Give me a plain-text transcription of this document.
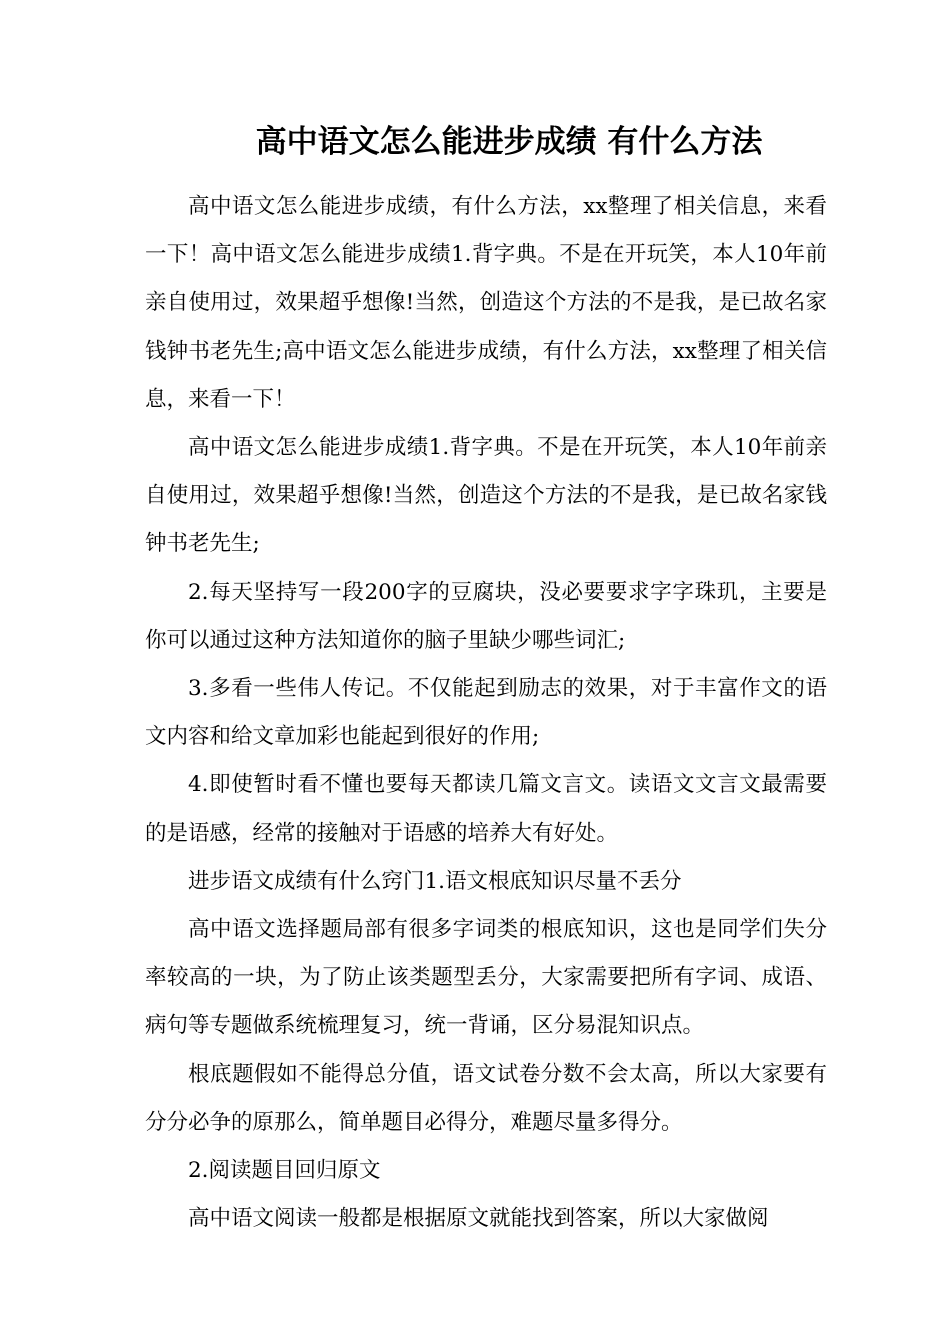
高中语文怎么能进步成绩 有什么方法

高中语文怎么能进步成绩，有什么方法，xx整理了相关信息，来看一下！高中语文怎么能进步成绩1.背字典。不是在开玩笑，本人10年前亲自使用过，效果超乎想像!当然，创造这个方法的不是我，是已故名家钱钟书老先生;高中语文怎么能进步成绩，有什么方法，xx整理了相关信息，来看一下！

高中语文怎么能进步成绩1.背字典。不是在开玩笑，本人10年前亲自使用过，效果超乎想像!当然，创造这个方法的不是我，是已故名家钱钟书老先生;

2.每天坚持写一段200字的豆腐块，没必要要求字字珠玑，主要是你可以通过这种方法知道你的脑子里缺少哪些词汇;

3.多看一些伟人传记。不仅能起到励志的效果，对于丰富作文的语文内容和给文章加彩也能起到很好的作用;

4.即使暂时看不懂也要每天都读几篇文言文。读语文文言文最需要的是语感，经常的接触对于语感的培养大有好处。

进步语文成绩有什么窍门1.语文根底知识尽量不丢分

高中语文选择题局部有很多字词类的根底知识，这也是同学们失分率较高的一块，为了防止该类题型丢分，大家需要把所有字词、成语、病句等专题做系统梳理复习，统一背诵，区分易混知识点。

根底题假如不能得总分值，语文试卷分数不会太高，所以大家要有分分必争的原那么，简单题目必得分，难题尽量多得分。

2.阅读题目回归原文

高中语文阅读一般都是根据原文就能找到答案，所以大家做阅
